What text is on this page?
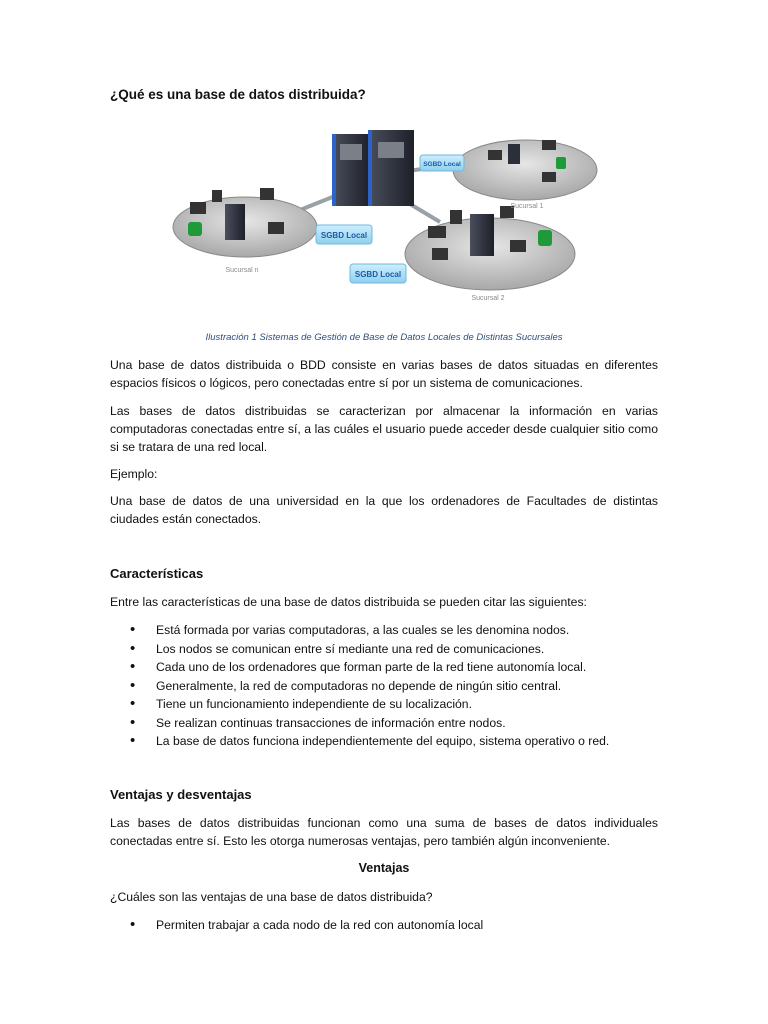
¿Qué es una base de datos distribuida?
SGBD Local
SGBD Local
SGBD Local
Sucursal 1
Sucursal n
Sucursal 2
Ilustración 1 Sistemas de Gestión de Base de Datos Locales de Distintas Sucursales
Una base de datos distribuida o BDD consiste en varias bases de datos situadas en diferentes espacios físicos o lógicos, pero conectadas entre sí por un sistema de comunicaciones.
Las bases de datos distribuidas se caracterizan por almacenar la información en varias computadoras conectadas entre sí, a las cuáles el usuario puede acceder desde cualquier sitio como si se tratara de una red local.
Ejemplo:
Una base de datos de una universidad en la que los ordenadores de Facultades de distintas ciudades están conectados.
Características
Entre las características de una base de datos distribuida se pueden citar las siguientes:
• Está formada por varias computadoras, a las cuales se les denomina nodos.
• Los nodos se comunican entre sí mediante una red de comunicaciones.
• Cada uno de los ordenadores que forman parte de la red tiene autonomía local.
• Generalmente, la red de computadoras no depende de ningún sitio central.
• Tiene un funcionamiento independiente de su localización.
• Se realizan continuas transacciones de información entre nodos.
• La base de datos funciona independientemente del equipo, sistema operativo o red.
Ventajas y desventajas
Las bases de datos distribuidas funcionan como una suma de bases de datos individuales conectadas entre sí. Esto les otorga numerosas ventajas, pero también algún inconveniente.
Ventajas
¿Cuáles son las ventajas de una base de datos distribuida?
• Permiten trabajar a cada nodo de la red con autonomía local
